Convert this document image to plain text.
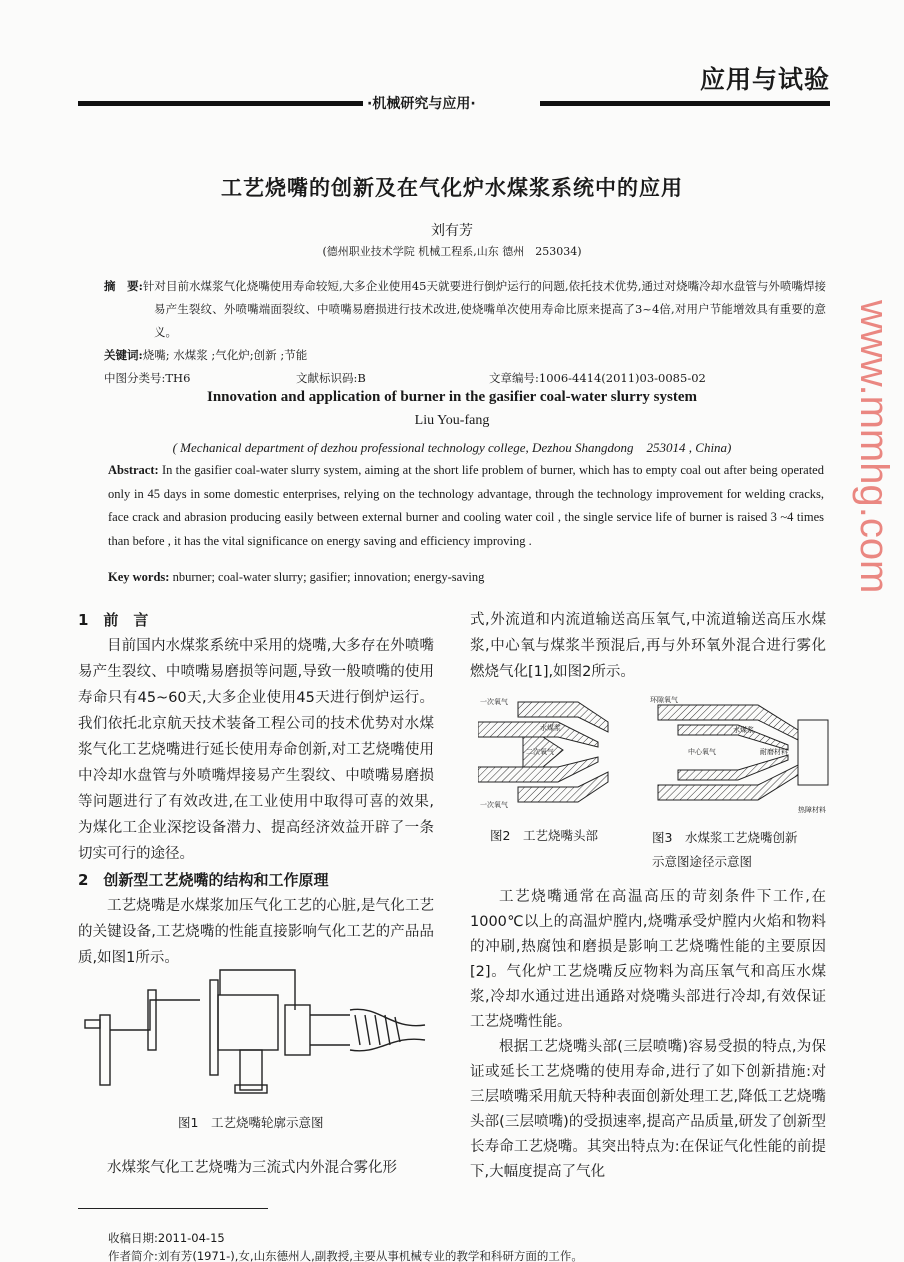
应用与试验
·机械研究与应用·
工艺烧嘴的创新及在气化炉水煤浆系统中的应用
刘有芳
(德州职业技术学院 机械工程系,山东 德州　253034)
摘　要:针对目前水煤浆气化烧嘴使用寿命较短,大多企业使用45天就要进行倒炉运行的问题,依托技术优势,通过对烧嘴冷却水盘管与外喷嘴焊接易产生裂纹、外喷嘴端面裂纹、中喷嘴易磨损进行技术改进,使烧嘴单次使用寿命比原来提高了3~4倍,对用户节能增效具有重要的意义。
关键词:烧嘴; 水煤浆 ;气化炉;创新 ;节能
中图分类号:TH6	文献标识码:B	文章编号:1006-4414(2011)03-0085-02
Innovation and application of burner in the gasifier coal-water slurry system
Liu You-fang
( Mechanical department of dezhou professional technology college, Dezhou Shangdong　253014 , China)
Abstract: In the gasifier coal-water slurry system, aiming at the short life problem of burner, which has to empty coal out after being operated only in 45 days in some domestic enterprises, relying on the technology advantage, through the technology improvement for welding cracks, face crack and abrasion producing easily between external burner and cooling water coil , the single service life of burner is raised 3 ~4 times than before , it has the vital significance on energy saving and efficiency improving .
Key words: nburner; coal-water slurry; gasifier; innovation; energy-saving
1　前　言

目前国内水煤浆系统中采用的烧嘴,大多存在外喷嘴易产生裂纹、中喷嘴易磨损等问题,导致一般喷嘴的使用寿命只有45~60天,大多企业使用45天进行倒炉运行。我们依托北京航天技术装备工程公司的技术优势对水煤浆气化工艺烧嘴进行延长使用寿命创新,对工艺烧嘴使用中冷却水盘管与外喷嘴焊接易产生裂纹、中喷嘴易磨损等问题进行了有效改进,在工业使用中取得可喜的效果,为煤化工企业深挖设备潜力、提高经济效益开辟了一条切实可行的途径。

2　创新型工艺烧嘴的结构和工作原理

工艺烧嘴是水煤浆加压气化工艺的心脏,是气化工艺的关键设备,工艺烧嘴的性能直接影响气化工艺的产品品质,如图1所示。

图1　工艺烧嘴轮廓示意图

水煤浆气化工艺烧嘴为三流式内外混合雾化形

式,外流道和内流道输送高压氧气,中流道输送高压水煤浆,中心氧与煤浆半预混后,再与外环氧外混合进行雾化燃烧气化[1],如图2所示。

一次氧气
水煤浆
二次氧气
一次氧气
环隙氧气
中心氧气
水煤浆
耐磨材料
热障材料
图2　工艺烧嘴头部	图3　水煤浆工艺烧嘴创新示意图途径示意图

工艺烧嘴通常在高温高压的苛刻条件下工作,在1000℃以上的高温炉膛内,烧嘴承受炉膛内火焰和物料的冲刷,热腐蚀和磨损是影响工艺烧嘴性能的主要原因[2]。气化炉工艺烧嘴反应物料为高压氧气和高压水煤浆,冷却水通过进出通路对烧嘴头部进行冷却,有效保证工艺烧嘴性能。

根据工艺烧嘴头部(三层喷嘴)容易受损的特点,为保证或延长工艺烧嘴的使用寿命,进行了如下创新措施:对三层喷嘴采用航天特种表面创新处理工艺,降低工艺烧嘴头部(三层喷嘴)的受损速率,提高产品质量,研发了创新型长寿命工艺烧嘴。其突出特点为:在保证气化性能的前提下,大幅度提高了气化

收稿日期:2011-04-15
作者简介:刘有芳(1971-),女,山东德州人,副教授,主要从事机械专业的教学和科研方面的工作。
www.mmhg.com
